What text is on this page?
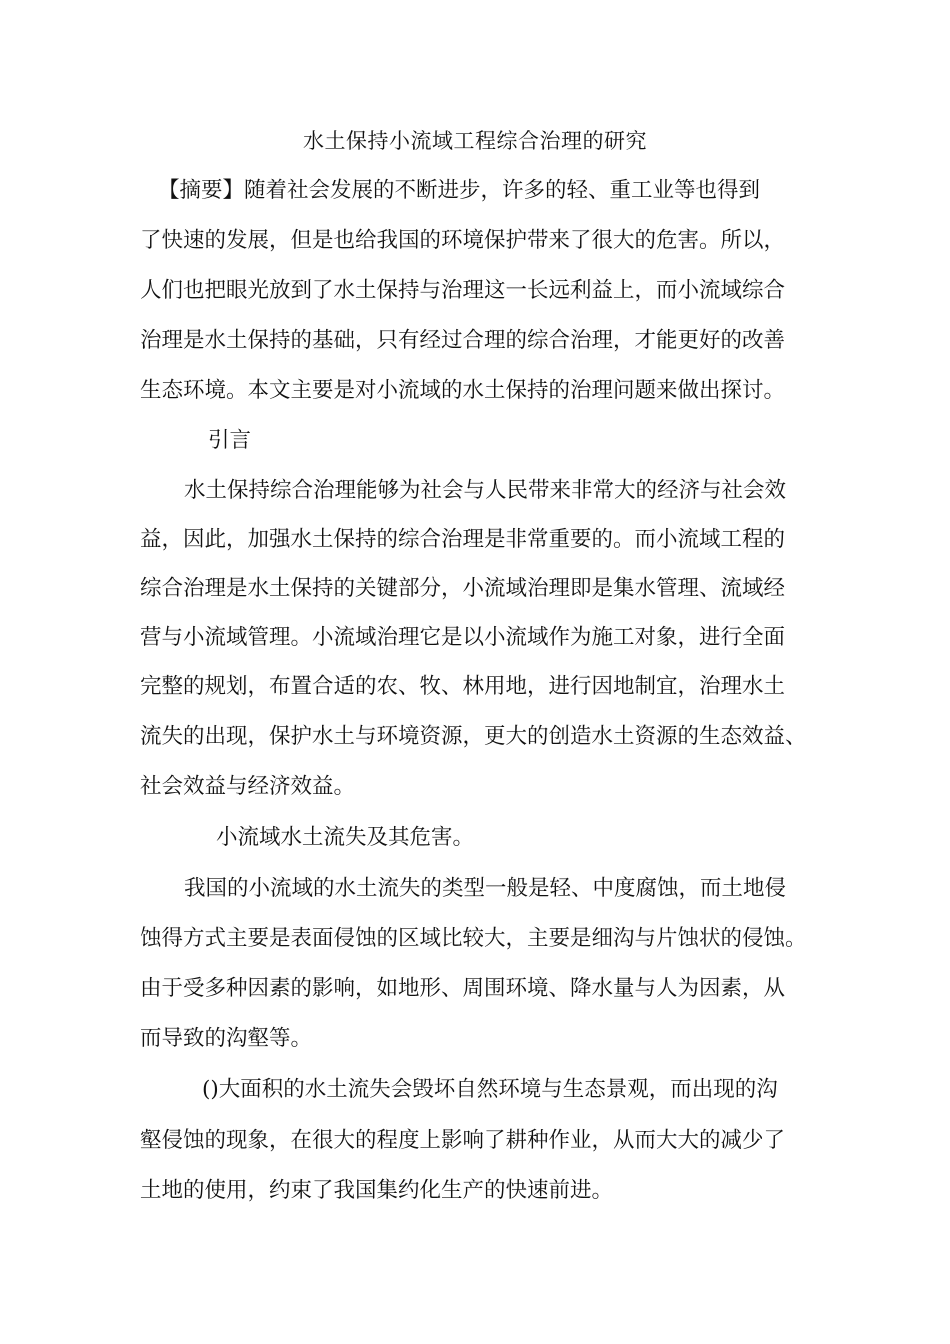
水土保持小流域工程综合治理的研究
【摘要】随着社会发展的不断进步，许多的轻、重工业等也得到
了快速的发展，但是也给我国的环境保护带来了很大的危害。所以，
人们也把眼光放到了水土保持与治理这一长远利益上，而小流域综合
治理是水土保持的基础，只有经过合理的综合治理，才能更好的改善
生态环境。本文主要是对小流域的水土保持的治理问题来做出探讨。
引言
水土保持综合治理能够为社会与人民带来非常大的经济与社会效
益，因此，加强水土保持的综合治理是非常重要的。而小流域工程的
综合治理是水土保持的关键部分，小流域治理即是集水管理、流域经
营与小流域管理。小流域治理它是以小流域作为施工对象，进行全面
完整的规划，布置合适的农、牧、林用地，进行因地制宜，治理水土
流失的出现，保护水土与环境资源，更大的创造水土资源的生态效益、
社会效益与经济效益。
小流域水土流失及其危害。
我国的小流域的水土流失的类型一般是轻、中度腐蚀，而土地侵
蚀得方式主要是表面侵蚀的区域比较大，主要是细沟与片蚀状的侵蚀。
由于受多种因素的影响，如地形、周围环境、降水量与人为因素，从
而导致的沟壑等。
()大面积的水土流失会毁坏自然环境与生态景观，而出现的沟
壑侵蚀的现象，在很大的程度上影响了耕种作业，从而大大的减少了
土地的使用，约束了我国集约化生产的快速前进。
